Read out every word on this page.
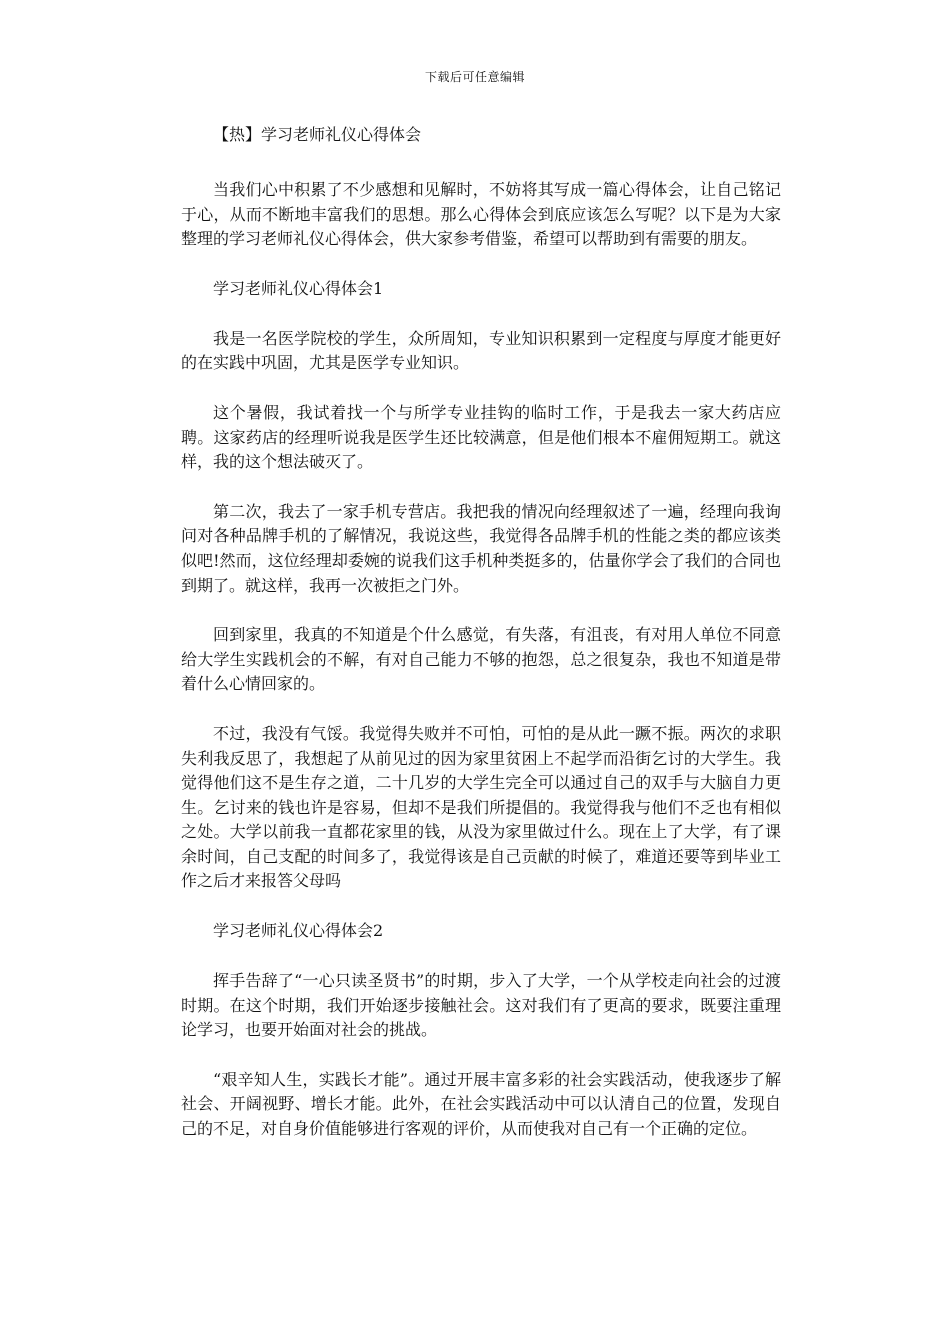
下载后可任意编辑
【热】学习老师礼仪心得体会

当我们心中积累了不少感想和见解时，不妨将其写成一篇心得体会，让自己铭记于心，从而不断地丰富我们的思想。那么心得体会到底应该怎么写呢？以下是为大家整理的学习老师礼仪心得体会，供大家参考借鉴，希望可以帮助到有需要的朋友。

学习老师礼仪心得体会1

我是一名医学院校的学生，众所周知，专业知识积累到一定程度与厚度才能更好的在实践中巩固，尤其是医学专业知识。

这个暑假，我试着找一个与所学专业挂钩的临时工作，于是我去一家大药店应聘。这家药店的经理听说我是医学生还比较满意，但是他们根本不雇佣短期工。就这样，我的这个想法破灭了。

第二次，我去了一家手机专营店。我把我的情况向经理叙述了一遍，经理向我询问对各种品牌手机的了解情况，我说这些，我觉得各品牌手机的性能之类的都应该类似吧!然而，这位经理却委婉的说我们这手机种类挺多的，估量你学会了我们的合同也到期了。就这样，我再一次被拒之门外。

回到家里，我真的不知道是个什么感觉，有失落，有沮丧，有对用人单位不同意给大学生实践机会的不解，有对自己能力不够的抱怨，总之很复杂，我也不知道是带着什么心情回家的。

不过，我没有气馁。我觉得失败并不可怕，可怕的是从此一蹶不振。两次的求职失利我反思了，我想起了从前见过的因为家里贫困上不起学而沿街乞讨的大学生。我觉得他们这不是生存之道，二十几岁的大学生完全可以通过自己的双手与大脑自力更生。乞讨来的钱也许是容易，但却不是我们所提倡的。我觉得我与他们不乏也有相似之处。大学以前我一直都花家里的钱，从没为家里做过什么。现在上了大学，有了课余时间，自己支配的时间多了，我觉得该是自己贡献的时候了，难道还要等到毕业工作之后才来报答父母吗

学习老师礼仪心得体会2

挥手告辞了“一心只读圣贤书”的时期，步入了大学，一个从学校走向社会的过渡时期。在这个时期，我们开始逐步接触社会。这对我们有了更高的要求，既要注重理论学习，也要开始面对社会的挑战。

“艰辛知人生，实践长才能”。通过开展丰富多彩的社会实践活动，使我逐步了解社会、开阔视野、增长才能。此外，在社会实践活动中可以认清自己的位置，发现自己的不足，对自身价值能够进行客观的评价，从而使我对自己有一个正确的定位。
